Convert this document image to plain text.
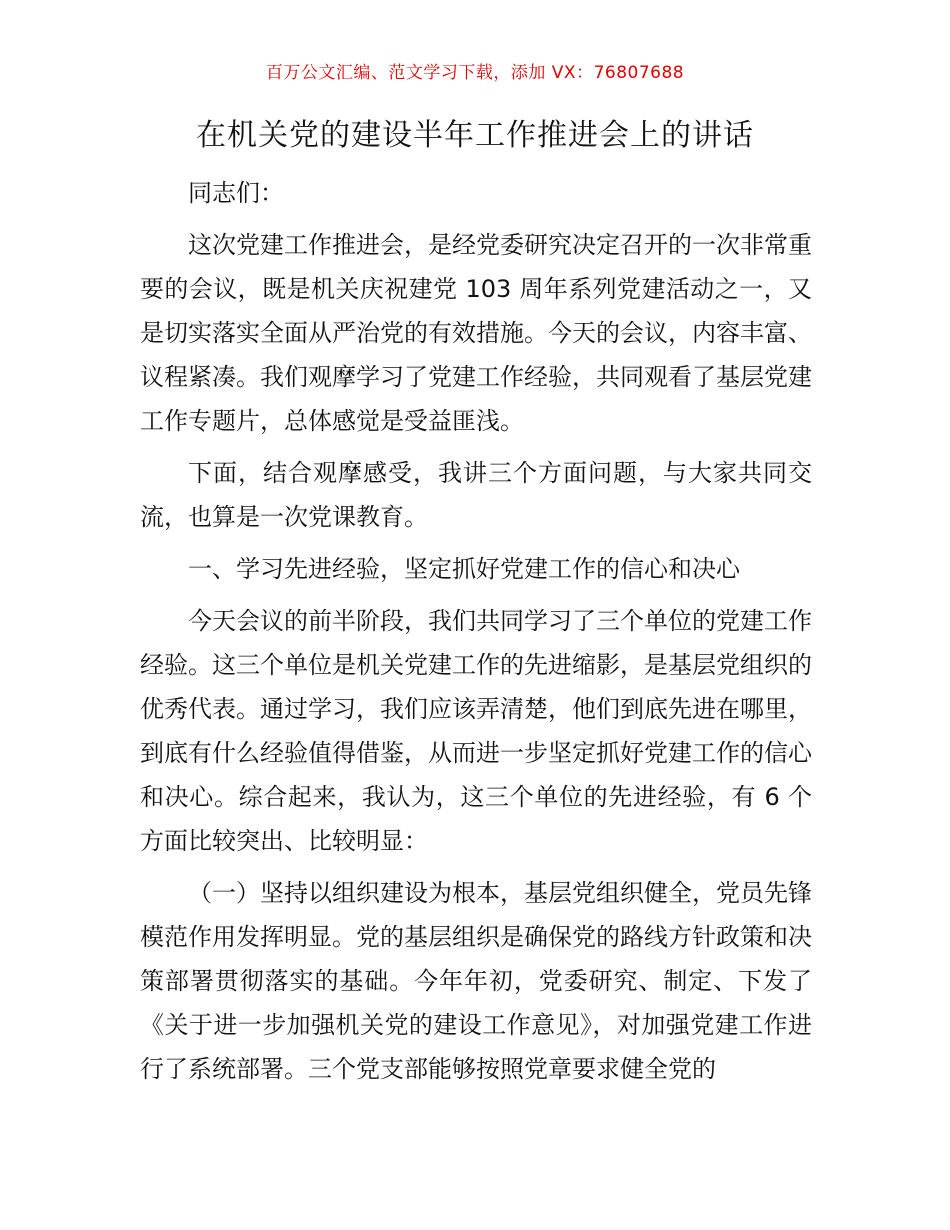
百万公文汇编、范文学习下载，添加 VX：76807688
在机关党的建设半年工作推进会上的讲话

同志们：

这次党建工作推进会，是经党委研究决定召开的一次非常重要的会议，既是机关庆祝建党 103 周年系列党建活动之一，又是切实落实全面从严治党的有效措施。今天的会议，内容丰富、议程紧凑。我们观摩学习了党建工作经验，共同观看了基层党建工作专题片，总体感觉是受益匪浅。

下面，结合观摩感受，我讲三个方面问题，与大家共同交流，也算是一次党课教育。

一、学习先进经验，坚定抓好党建工作的信心和决心

今天会议的前半阶段，我们共同学习了三个单位的党建工作经验。这三个单位是机关党建工作的先进缩影，是基层党组织的优秀代表。通过学习，我们应该弄清楚，他们到底先进在哪里，到底有什么经验值得借鉴，从而进一步坚定抓好党建工作的信心和决心。综合起来，我认为，这三个单位的先进经验，有 6 个方面比较突出、比较明显：

（一）坚持以组织建设为根本，基层党组织健全，党员先锋模范作用发挥明显。党的基层组织是确保党的路线方针政策和决策部署贯彻落实的基础。今年年初，党委研究、制定、下发了《关于进一步加强机关党的建设工作意见》，对加强党建工作进行了系统部署。三个党支部能够按照党章要求健全党的
